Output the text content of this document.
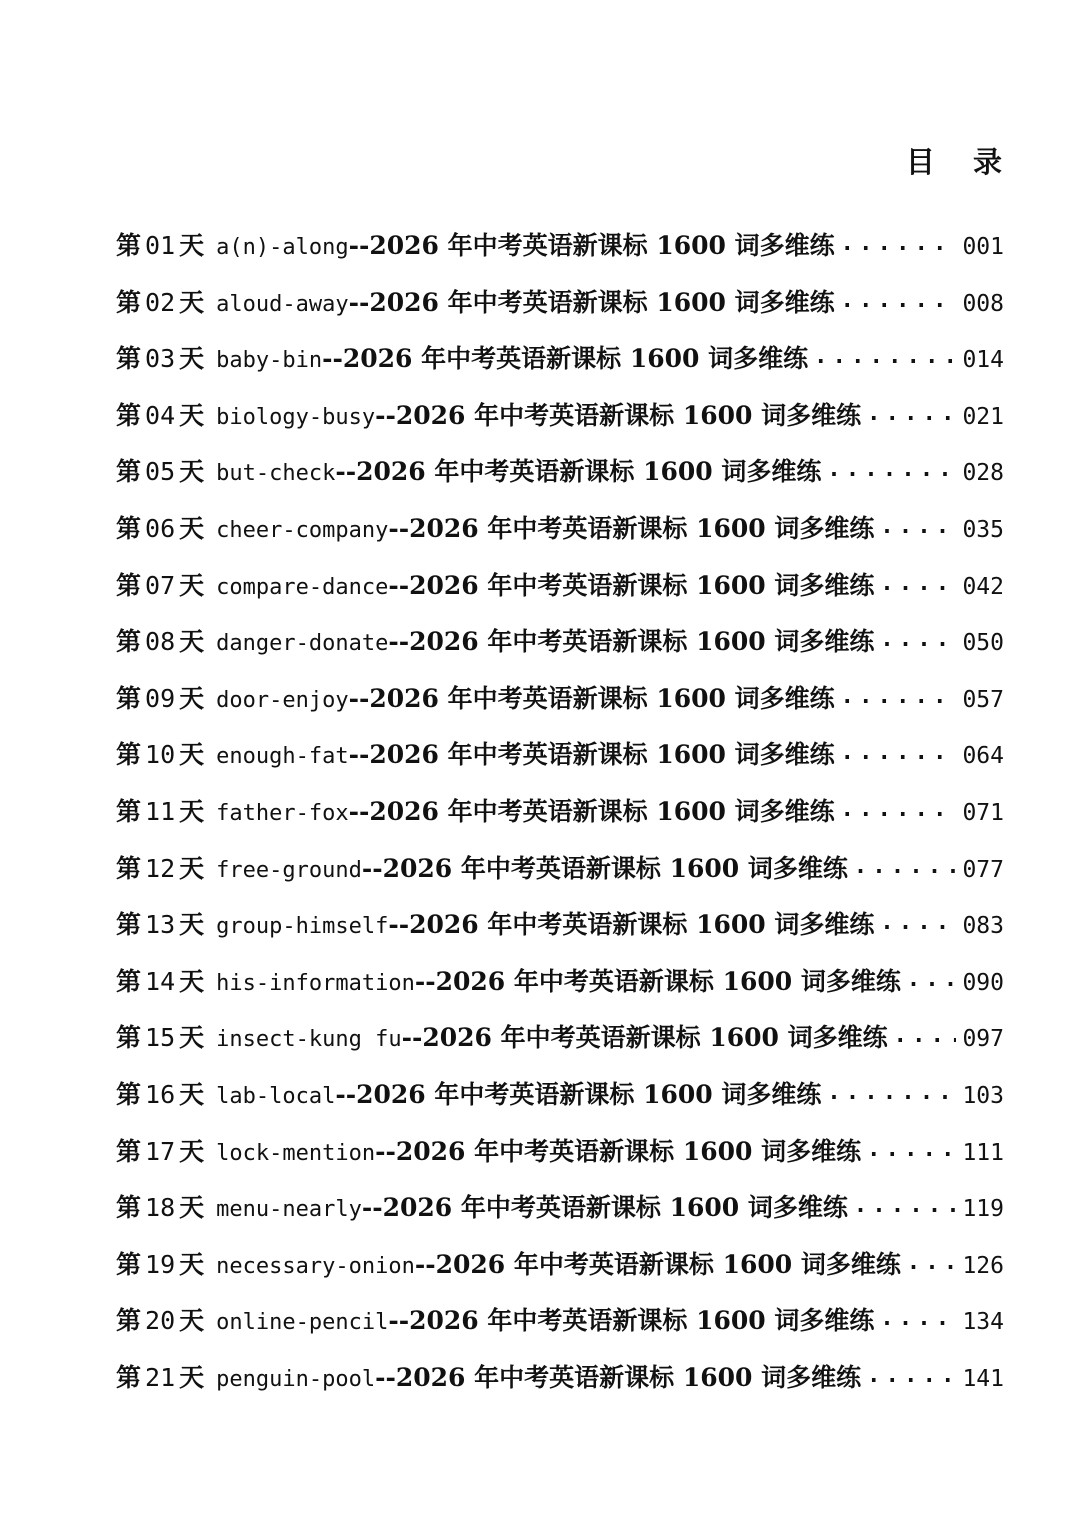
目 录
第 01 天 a(n)-along --2026 年中考英语新课标 1600 词多维练 . .	001
第 02 天 aloud-away --2026 年中考英语新课标 1600 词多维练 . .	008
第 03 天 baby-bin --2026 年中考英语新课标 1600 词多维练 . .	014
第 04 天 biology-busy --2026 年中考英语新课标 1600 词多维练 . .	021
第 05 天 but-check --2026 年中考英语新课标 1600 词多维练 . .	028
第 06 天 cheer-company --2026 年中考英语新课标 1600 词多维练 . .	035
第 07 天 compare-dance --2026 年中考英语新课标 1600 词多维练 . .	042
第 08 天 danger-donate --2026 年中考英语新课标 1600 词多维练 . .	050
第 09 天 door-enjoy --2026 年中考英语新课标 1600 词多维练 . .	057
第 10 天 enough-fat --2026 年中考英语新课标 1600 词多维练 . .	064
第 11 天 father-fox --2026 年中考英语新课标 1600 词多维练 . .	071
第 12 天 free-ground --2026 年中考英语新课标 1600 词多维练 . .	077
第 13 天 group-himself --2026 年中考英语新课标 1600 词多维练 . .	083
第 14 天 his-information --2026 年中考英语新课标 1600 词多维练 . .	090
第 15 天 insect-kung fu --2026 年中考英语新课标 1600 词多维练 . .	097
第 16 天 lab-local --2026 年中考英语新课标 1600 词多维练 . .	103
第 17 天 lock-mention --2026 年中考英语新课标 1600 词多维练 . .	111
第 18 天 menu-nearly --2026 年中考英语新课标 1600 词多维练 . .	119
第 19 天 necessary-onion --2026 年中考英语新课标 1600 词多维练 . .	126
第 20 天 online-pencil --2026 年中考英语新课标 1600 词多维练 . .	134
第 21 天 penguin-pool --2026 年中考英语新课标 1600 词多维练 . .	141
